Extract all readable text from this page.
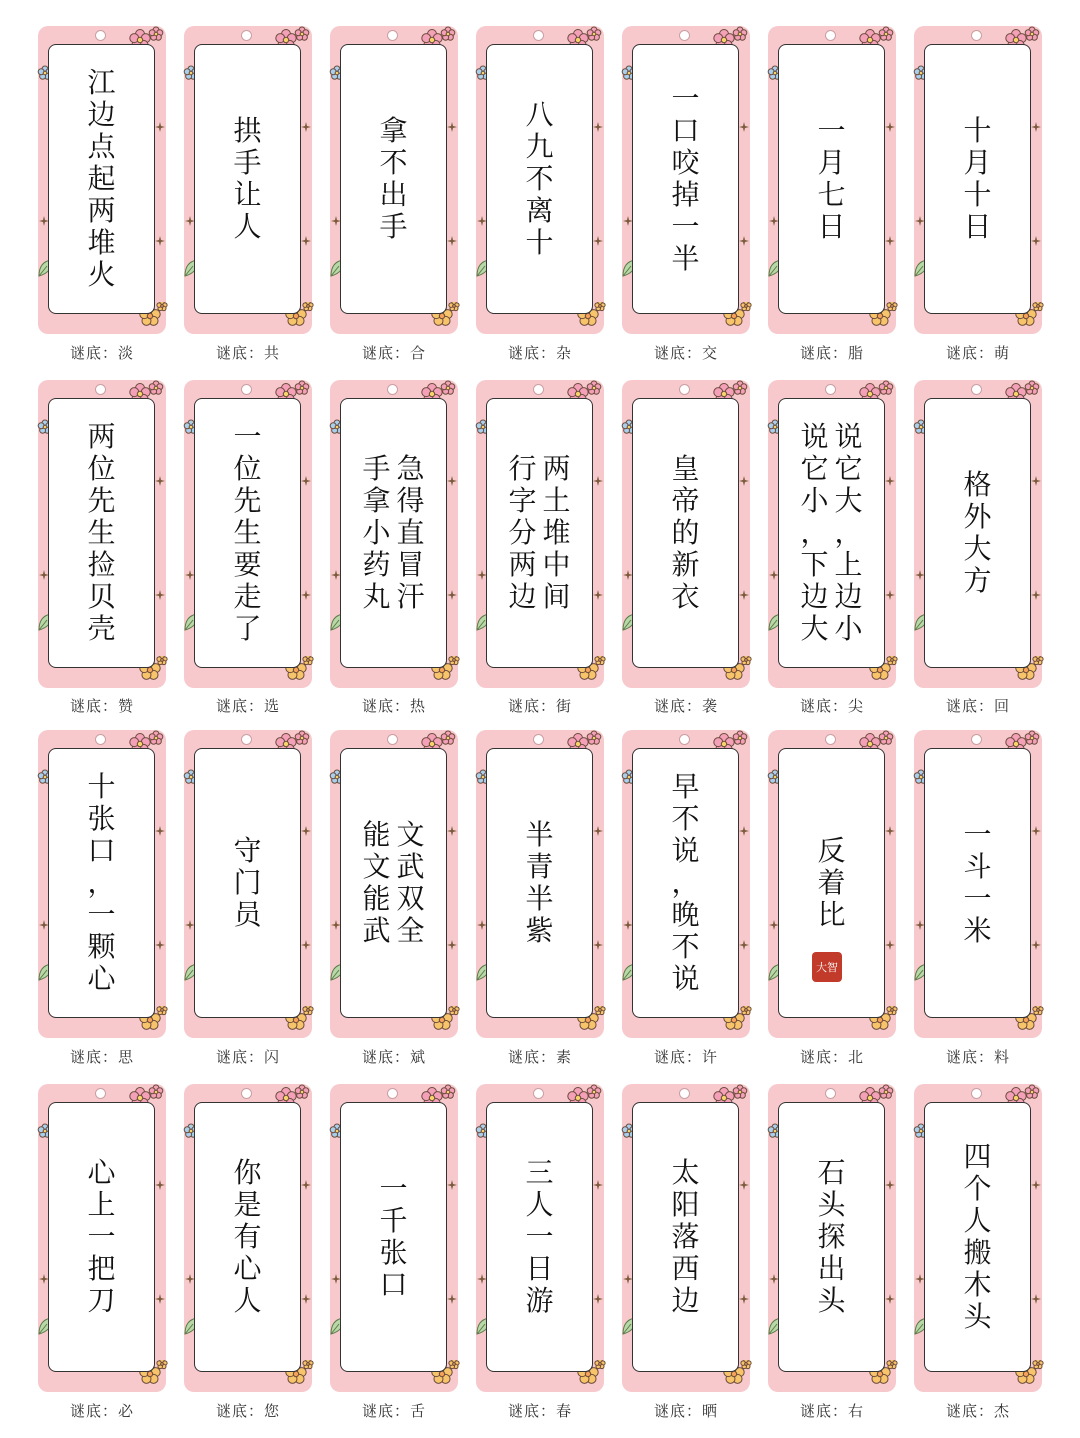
江
边
点
起
两
堆
火
谜底：淡
拱
手
让
人
谜底：共
拿
不
出
手
谜底：合
八
九
不
离
十
谜底：杂
一
口
咬
掉
一
半
谜底：交
一
月
七
日
谜底：脂
十
月
十
日
谜底：萌
两
位
先
生
捡
贝
壳
谜底：赞
一
位
先
生
要
走
了
谜底：选
急
得
直
冒
汗
手
拿
小
药
丸
谜底：热
两
土
堆
中
间
行
字
分
两
边
谜底：街
皇
帝
的
新
衣
谜底：袭
说
它
大
，
上
边
小
说
它
小
，
下
边
大
谜底：尖
格
外
大
方
谜底：回
十
张
口
，
一
颗
心
谜底：思
守
门
员
谜底：闪
文
武
双
全
能
文
能
武
谜底：斌
半
青
半
紫
谜底：素
早
不
说
，
晚
不
说
谜底：许
反
着
比
大智
谜底：北
一
斗
一
米
谜底：料
心
上
一
把
刀
谜底：必
你
是
有
心
人
谜底：您
一
千
张
口
谜底：舌
三
人
一
日
游
谜底：春
太
阳
落
西
边
谜底：晒
石
头
探
出
头
谜底：右
四
个
人
搬
木
头
谜底：杰
